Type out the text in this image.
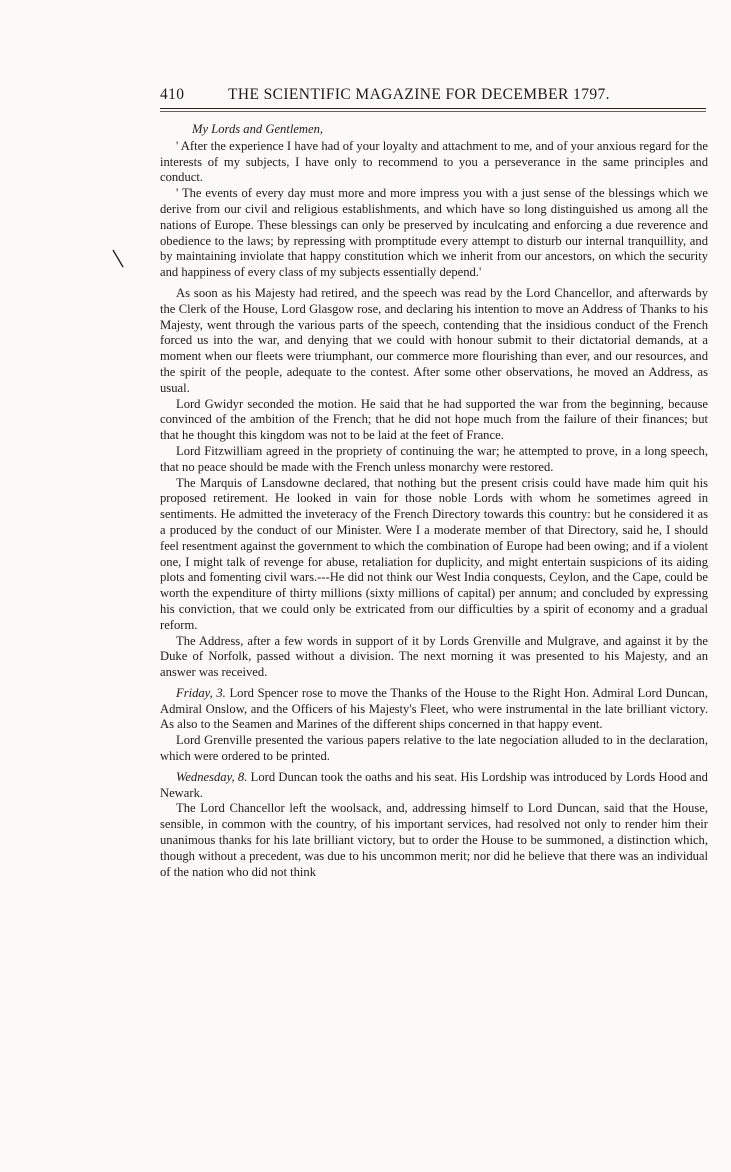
410	THE SCIENTIFIC MAGAZINE FOR DECEMBER 1797.

My Lords and Gentlemen,

' After the experience I have had of your loyalty and attachment to me, and of your anxious regard for the interests of my subjects, I have only to recommend to you a perseverance in the same principles and conduct.

' The events of every day must more and more impress you with a just sense of the blessings which we derive from our civil and religious establishments, and which have so long distinguished us among all the nations of Europe. These blessings can only be preserved by inculcating and enforcing a due reverence and obedience to the laws; by repressing with promptitude every attempt to disturb our internal tranquillity, and by maintaining inviolate that happy constitution which we inherit from our ancestors, on which the security and happiness of every class of my subjects essentially depend.'

As soon as his Majesty had retired, and the speech was read by the Lord Chancellor, and afterwards by the Clerk of the House, Lord Glasgow rose, and declaring his intention to move an Address of Thanks to his Majesty, went through the various parts of the speech, contending that the insidious conduct of the French forced us into the war, and denying that we could with honour submit to their dictatorial demands, at a moment when our fleets were triumphant, our commerce more flourishing than ever, and our resources, and the spirit of the people, adequate to the contest. After some other observations, he moved an Address, as usual.

Lord Gwidyr seconded the motion. He said that he had supported the war from the beginning, because convinced of the ambition of the French; that he did not hope much from the failure of their finances; but that he thought this kingdom was not to be laid at the feet of France.

Lord Fitzwilliam agreed in the propriety of continuing the war; he attempted to prove, in a long speech, that no peace should be made with the French unless monarchy were restored.

The Marquis of Lansdowne declared, that nothing but the present crisis could have made him quit his proposed retirement. He looked in vain for those noble Lords with whom he sometimes agreed in sentiments. He admitted the inveteracy of the French Directory towards this country: but he considered it as a produced by the conduct of our Minister. Were I a moderate member of that Directory, said he, I should feel resentment against the government to which the combination of Europe had been owing; and if a violent one, I might talk of revenge for abuse, retaliation for duplicity, and might entertain suspicions of its aiding plots and fomenting civil wars.---He did not think our West India conquests, Ceylon, and the Cape, could be worth the expenditure of thirty millions (sixty millions of capital) per annum; and concluded by expressing his conviction, that we could only be extricated from our difficulties by a spirit of economy and a gradual reform.

The Address, after a few words in support of it by Lords Grenville and Mulgrave, and against it by the Duke of Norfolk, passed without a division. The next morning it was presented to his Majesty, and an answer was received.

Friday, 3. Lord Spencer rose to move the Thanks of the House to the Right Hon. Admiral Lord Duncan, Admiral Onslow, and the Officers of his Majesty's Fleet, who were instrumental in the late brilliant victory. As also to the Seamen and Marines of the different ships concerned in that happy event.

Lord Grenville presented the various papers relative to the late negociation alluded to in the declaration, which were ordered to be printed.

Wednesday, 8. Lord Duncan took the oaths and his seat. His Lordship was introduced by Lords Hood and Newark.

The Lord Chancellor left the woolsack, and, addressing himself to Lord Duncan, said that the House, sensible, in common with the country, of his important services, had resolved not only to render him their unanimous thanks for his late brilliant victory, but to order the House to be summoned, a distinction which, though without a precedent, was due to his uncommon merit; nor did he believe that there was an individual of the nation who did not think
